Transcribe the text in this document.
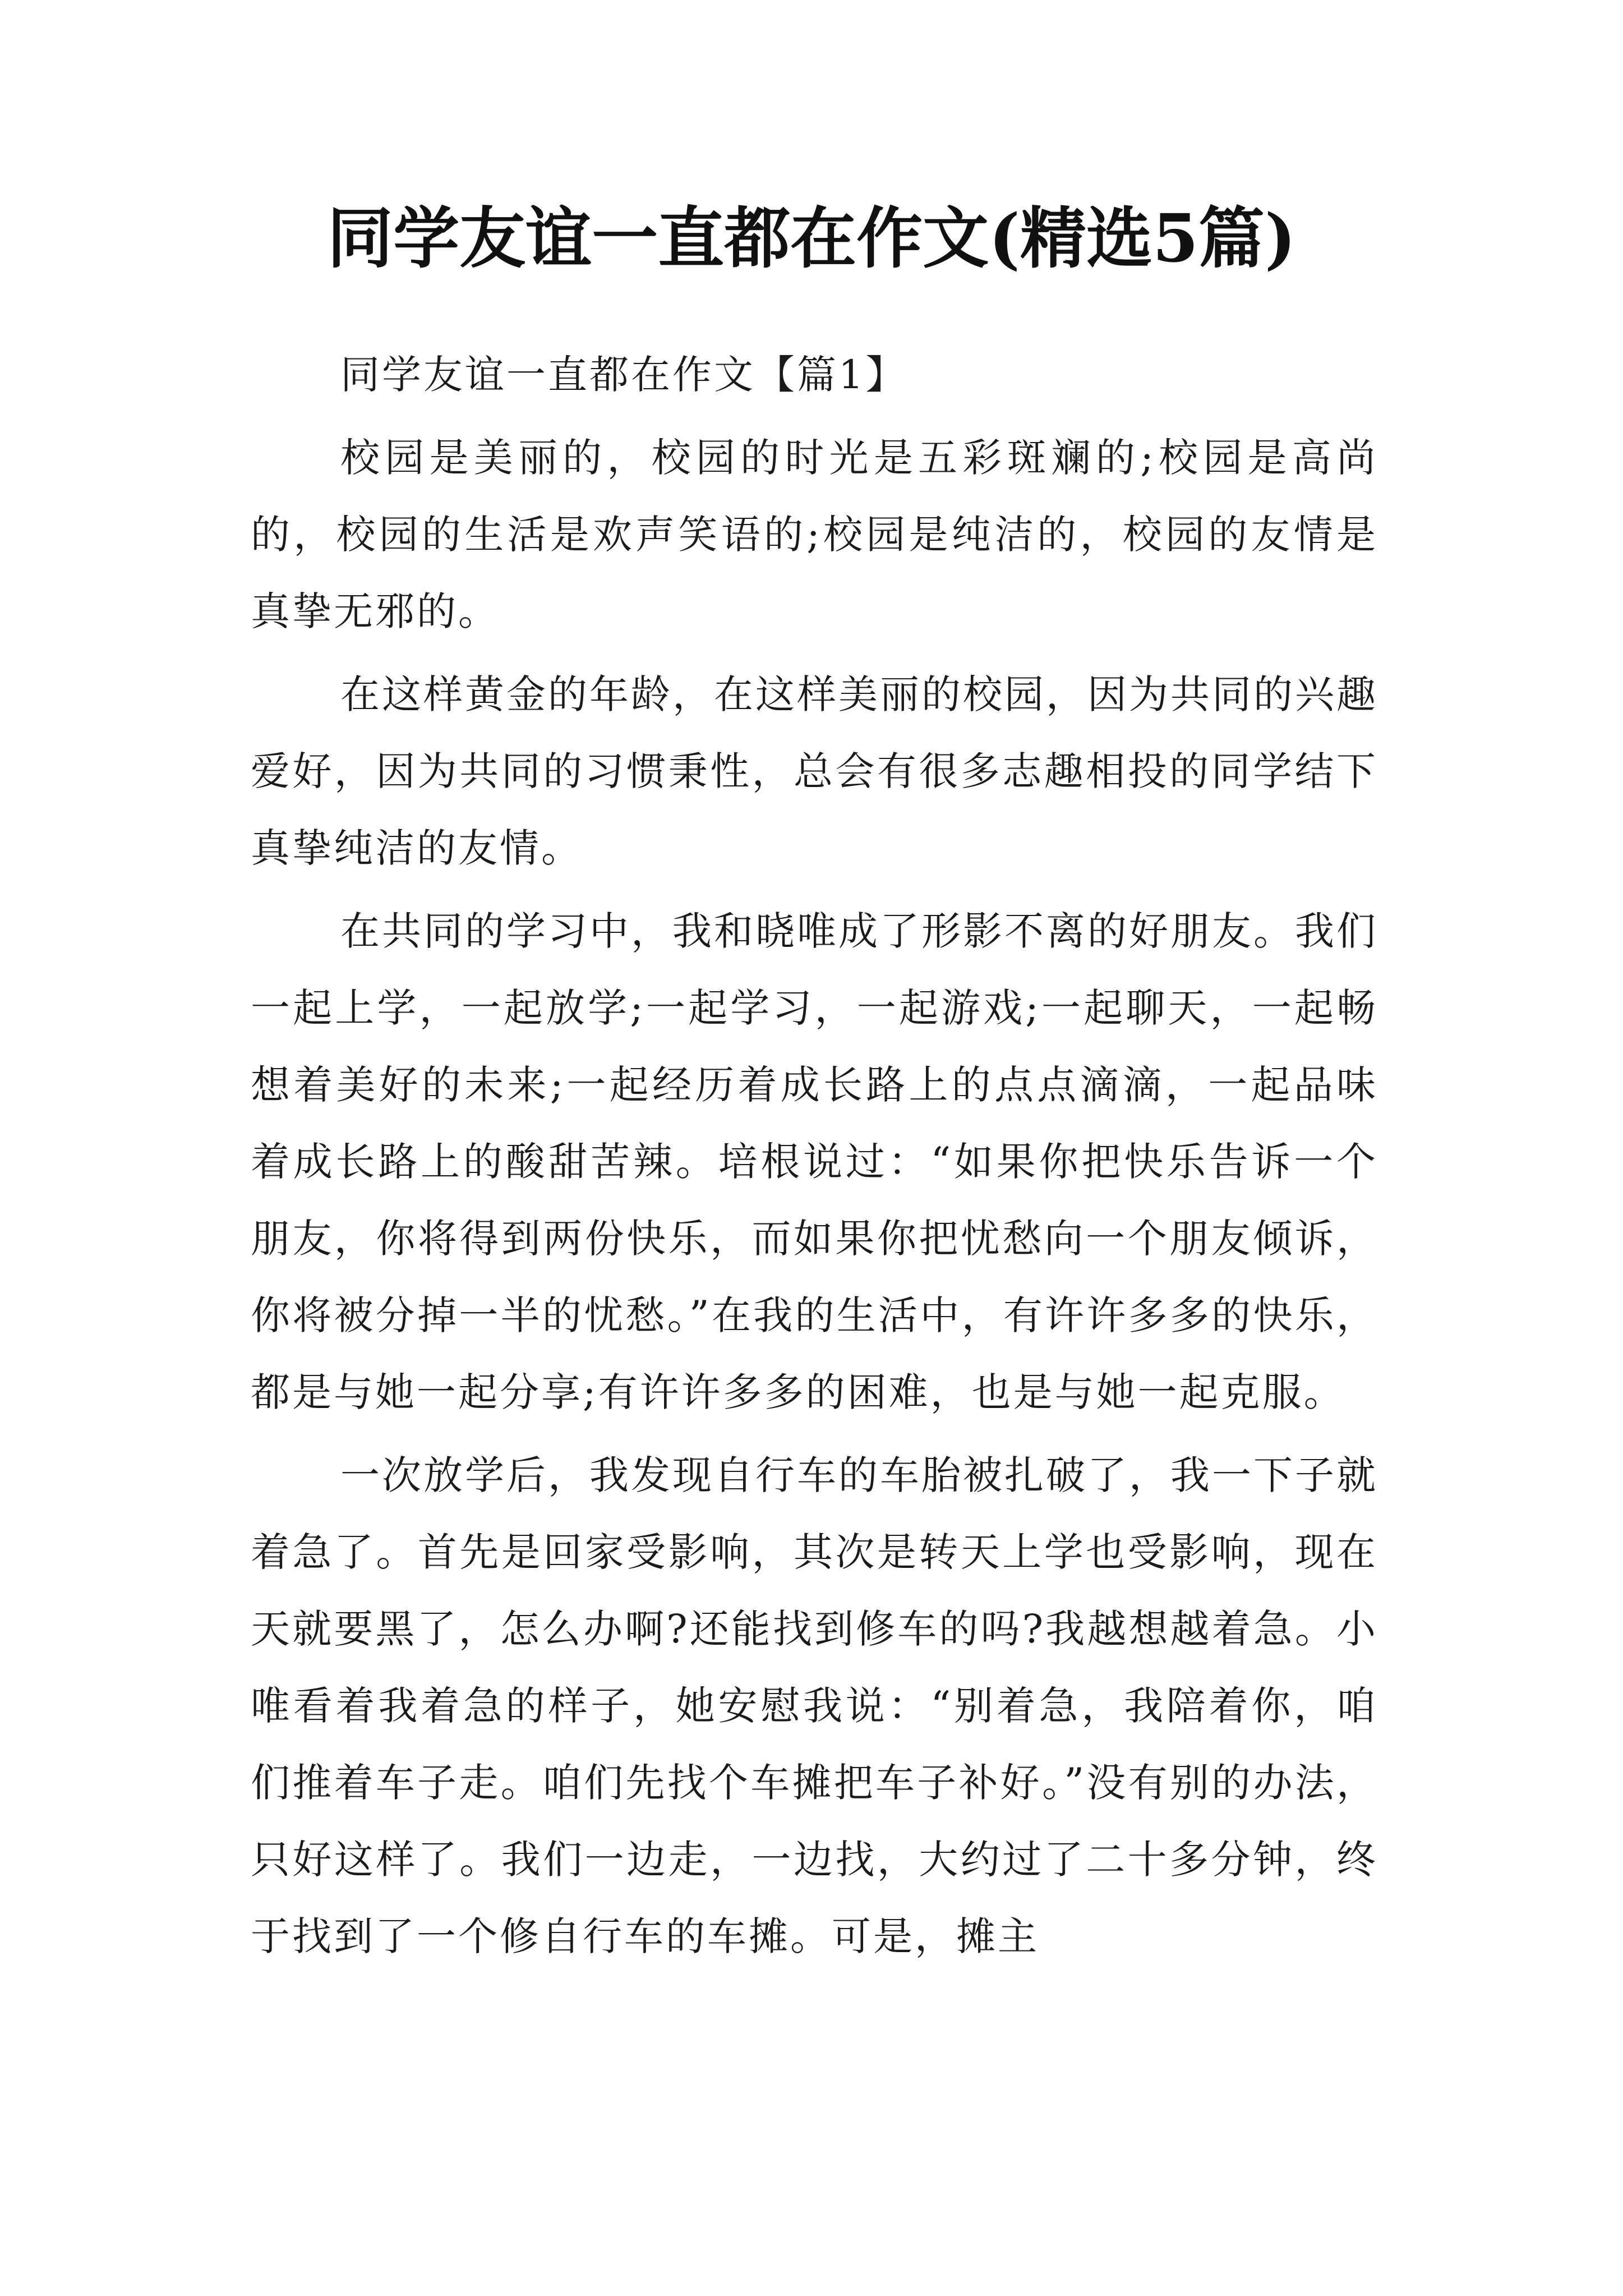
同学友谊一直都在作文(精选5篇)

同学友谊一直都在作文【篇1】

校园是美丽的，校园的时光是五彩斑斓的;校园是高尚的，校园的生活是欢声笑语的;校园是纯洁的，校园的友情是真挚无邪的。

在这样黄金的年龄，在这样美丽的校园，因为共同的兴趣爱好，因为共同的习惯秉性，总会有很多志趣相投的同学结下真挚纯洁的友情。

在共同的学习中，我和晓唯成了形影不离的好朋友。我们一起上学，一起放学;一起学习，一起游戏;一起聊天，一起畅想着美好的未来;一起经历着成长路上的点点滴滴，一起品味着成长路上的酸甜苦辣。培根说过：“如果你把快乐告诉一个朋友，你将得到两份快乐，而如果你把忧愁向一个朋友倾诉，你将被分掉一半的忧愁。”在我的生活中，有许许多多的快乐，都是与她一起分享;有许许多多的困难，也是与她一起克服。

一次放学后，我发现自行车的车胎被扎破了，我一下子就着急了。首先是回家受影响，其次是转天上学也受影响，现在天就要黑了，怎么办啊?还能找到修车的吗?我越想越着急。小唯看着我着急的样子，她安慰我说：“别着急，我陪着你，咱们推着车子走。咱们先找个车摊把车子补好。”没有别的办法，只好这样了。我们一边走，一边找，大约过了二十多分钟，终于找到了一个修自行车的车摊。可是，摊主
